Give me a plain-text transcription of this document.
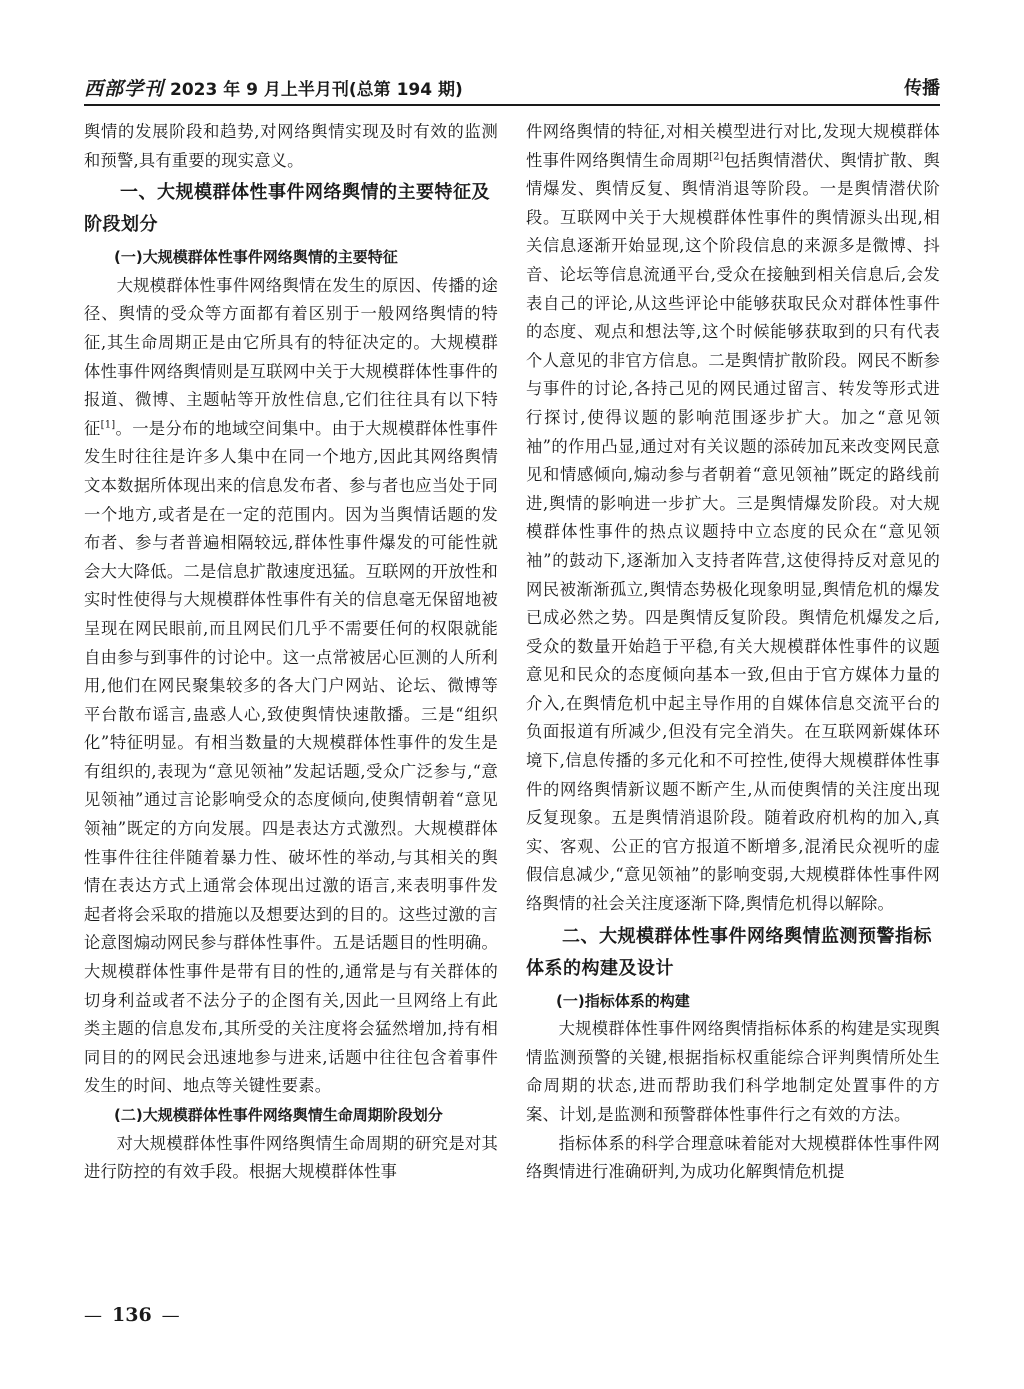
西部学刊 2023 年 9 月上半月刊(总第 194 期)	传播

舆情的发展阶段和趋势,对网络舆情实现及时有效的监测和预警,具有重要的现实意义。

一、大规模群体性事件网络舆情的主要特征及阶段划分
(一)大规模群体性事件网络舆情的主要特征

大规模群体性事件网络舆情在发生的原因、传播的途径、舆情的受众等方面都有着区别于一般网络舆情的特征,其生命周期正是由它所具有的特征决定的。大规模群体性事件网络舆情则是互联网中关于大规模群体性事件的报道、微博、主题帖等开放性信息,它们往往具有以下特征[1]。一是分布的地域空间集中。由于大规模群体性事件发生时往往是许多人集中在同一个地方,因此其网络舆情文本数据所体现出来的信息发布者、参与者也应当处于同一个地方,或者是在一定的范围内。因为当舆情话题的发布者、参与者普遍相隔较远,群体性事件爆发的可能性就会大大降低。二是信息扩散速度迅猛。互联网的开放性和实时性使得与大规模群体性事件有关的信息毫无保留地被呈现在网民眼前,而且网民们几乎不需要任何的权限就能自由参与到事件的讨论中。这一点常被居心叵测的人所利用,他们在网民聚集较多的各大门户网站、论坛、微博等平台散布谣言,蛊惑人心,致使舆情快速散播。三是“组织化”特征明显。有相当数量的大规模群体性事件的发生是有组织的,表现为“意见领袖”发起话题,受众广泛参与,“意见领袖”通过言论影响受众的态度倾向,使舆情朝着“意见领袖”既定的方向发展。四是表达方式激烈。大规模群体性事件往往伴随着暴力性、破坏性的举动,与其相关的舆情在表达方式上通常会体现出过激的语言,来表明事件发起者将会采取的措施以及想要达到的目的。这些过激的言论意图煽动网民参与群体性事件。五是话题目的性明确。大规模群体性事件是带有目的性的,通常是与有关群体的切身利益或者不法分子的企图有关,因此一旦网络上有此类主题的信息发布,其所受的关注度将会猛然增加,持有相同目的的网民会迅速地参与进来,话题中往往包含着事件发生的时间、地点等关键性要素。

(二)大规模群体性事件网络舆情生命周期阶段划分

对大规模群体性事件网络舆情生命周期的研究是对其进行防控的有效手段。根据大规模群体性事

件网络舆情的特征,对相关模型进行对比,发现大规模群体性事件网络舆情生命周期[2]包括舆情潜伏、舆情扩散、舆情爆发、舆情反复、舆情消退等阶段。一是舆情潜伏阶段。互联网中关于大规模群体性事件的舆情源头出现,相关信息逐渐开始显现,这个阶段信息的来源多是微博、抖音、论坛等信息流通平台,受众在接触到相关信息后,会发表自己的评论,从这些评论中能够获取民众对群体性事件的态度、观点和想法等,这个时候能够获取到的只有代表个人意见的非官方信息。二是舆情扩散阶段。网民不断参与事件的讨论,各持己见的网民通过留言、转发等形式进行探讨,使得议题的影响范围逐步扩大。加之“意见领袖”的作用凸显,通过对有关议题的添砖加瓦来改变网民意见和情感倾向,煽动参与者朝着“意见领袖”既定的路线前进,舆情的影响进一步扩大。三是舆情爆发阶段。对大规模群体性事件的热点议题持中立态度的民众在“意见领袖”的鼓动下,逐渐加入支持者阵营,这使得持反对意见的网民被渐渐孤立,舆情态势极化现象明显,舆情危机的爆发已成必然之势。四是舆情反复阶段。舆情危机爆发之后,受众的数量开始趋于平稳,有关大规模群体性事件的议题意见和民众的态度倾向基本一致,但由于官方媒体力量的介入,在舆情危机中起主导作用的自媒体信息交流平台的负面报道有所减少,但没有完全消失。在互联网新媒体环境下,信息传播的多元化和不可控性,使得大规模群体性事件的网络舆情新议题不断产生,从而使舆情的关注度出现反复现象。五是舆情消退阶段。随着政府机构的加入,真实、客观、公正的官方报道不断增多,混淆民众视听的虚假信息减少,“意见领袖”的影响变弱,大规模群体性事件网络舆情的社会关注度逐渐下降,舆情危机得以解除。

二、大规模群体性事件网络舆情监测预警指标体系的构建及设计
(一)指标体系的构建

大规模群体性事件网络舆情指标体系的构建是实现舆情监测预警的关键,根据指标权重能综合评判舆情所处生命周期的状态,进而帮助我们科学地制定处置事件的方案、计划,是监测和预警群体性事件行之有效的方法。

指标体系的科学合理意味着能对大规模群体性事件网络舆情进行准确研判,为成功化解舆情危机提

— 136 —
